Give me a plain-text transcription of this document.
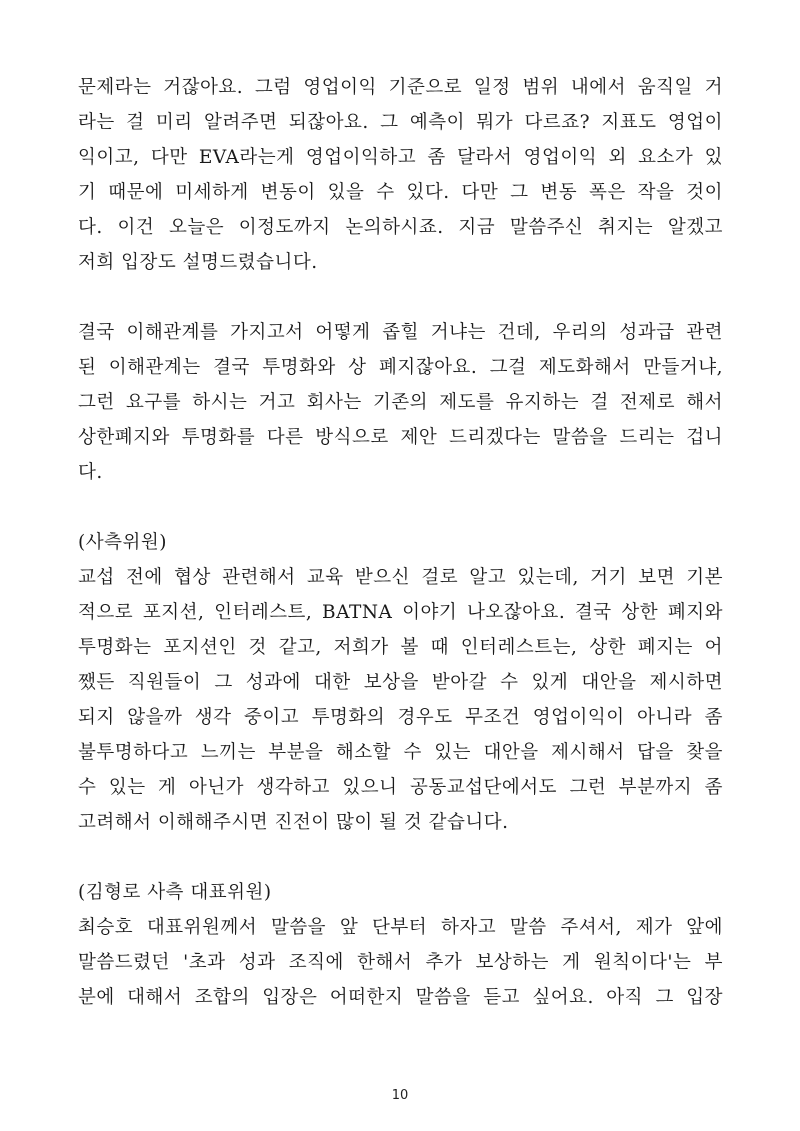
문제라는 거잖아요. 그럼 영업이익 기준으로 일정 범위 내에서 움직일 거
라는 걸 미리 알려주면 되잖아요. 그 예측이 뭐가 다르죠? 지표도 영업이
익이고, 다만 EVA라는게 영업이익하고 좀 달라서 영업이익 외 요소가 있
기 때문에 미세하게 변동이 있을 수 있다. 다만 그 변동 폭은 작을 것이
다. 이건 오늘은 이정도까지 논의하시죠. 지금 말씀주신 취지는 알겠고
저희 입장도 설명드렸습니다.
결국 이해관계를 가지고서 어떻게 좁힐 거냐는 건데, 우리의 성과급 관련
된 이해관계는 결국 투명화와 상 폐지잖아요. 그걸 제도화해서 만들거냐,
그런 요구를 하시는 거고 회사는 기존의 제도를 유지하는 걸 전제로 해서
상한폐지와 투명화를 다른 방식으로 제안 드리겠다는 말씀을 드리는 겁니
다.
(사측위원)
교섭 전에 협상 관련해서 교육 받으신 걸로 알고 있는데, 거기 보면 기본
적으로 포지션, 인터레스트, BATNA 이야기 나오잖아요. 결국 상한 폐지와
투명화는 포지션인 것 같고, 저희가 볼 때 인터레스트는, 상한 폐지는 어
쨌든 직원들이 그 성과에 대한 보상을 받아갈 수 있게 대안을 제시하면
되지 않을까 생각 중이고 투명화의 경우도 무조건 영업이익이 아니라 좀
불투명하다고 느끼는 부분을 해소할 수 있는 대안을 제시해서 답을 찾을
수 있는 게 아닌가 생각하고 있으니 공동교섭단에서도 그런 부분까지 좀
고려해서 이해해주시면 진전이 많이 될 것 같습니다.
(김형로 사측 대표위원)
최승호 대표위원께서 말씀을 앞 단부터 하자고 말씀 주셔서, 제가 앞에
말씀드렸던 '초과 성과 조직에 한해서 추가 보상하는 게 원칙이다'는 부
분에 대해서 조합의 입장은 어떠한지 말씀을 듣고 싶어요. 아직 그 입장
10
